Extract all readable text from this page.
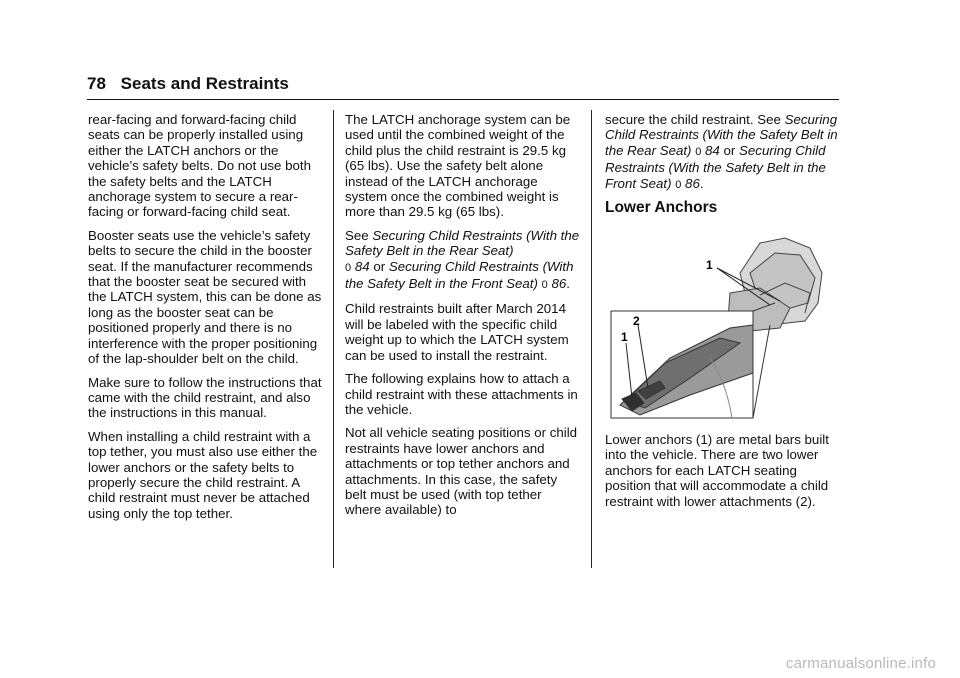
78 Seats and Restraints

rear-facing and forward-facing child seats can be properly installed using either the LATCH anchors or the vehicle’s safety belts. Do not use both the safety belts and the LATCH anchorage system to secure a rear-facing or forward-facing child seat.

Booster seats use the vehicle’s safety belts to secure the child in the booster seat. If the manufacturer recommends that the booster seat be secured with the LATCH system, this can be done as long as the booster seat can be positioned properly and there is no interference with the proper positioning of the lap-shoulder belt on the child.

Make sure to follow the instructions that came with the child restraint, and also the instructions in this manual.

When installing a child restraint with a top tether, you must also use either the lower anchors or the safety belts to properly secure the child restraint. A child restraint must never be attached using only the top tether.

The LATCH anchorage system can be used until the combined weight of the child plus the child restraint is 29.5 kg (65 lbs). Use the safety belt alone instead of the LATCH anchorage system once the combined weight is more than 29.5 kg (65 lbs).

See Securing Child Restraints (With the Safety Belt in the Rear Seat)
0 84 or Securing Child Restraints (With the Safety Belt in the Front Seat) 0 86.

Child restraints built after March 2014 will be labeled with the specific child weight up to which the LATCH system can be used to install the restraint.

The following explains how to attach a child restraint with these attachments in the vehicle.

Not all vehicle seating positions or child restraints have lower anchors and attachments or top tether anchors and attachments. In this case, the safety belt must be used (with top tether where available) to

secure the child restraint. See Securing Child Restraints (With the Safety Belt in the Rear Seat) 0 84 or Securing Child Restraints (With the Safety Belt in the Front Seat) 0 86.

Lower Anchors
1
1
2

Lower anchors (1) are metal bars built into the vehicle. There are two lower anchors for each LATCH seating position that will accommodate a child restraint with lower attachments (2).

carmanualsonline.info
